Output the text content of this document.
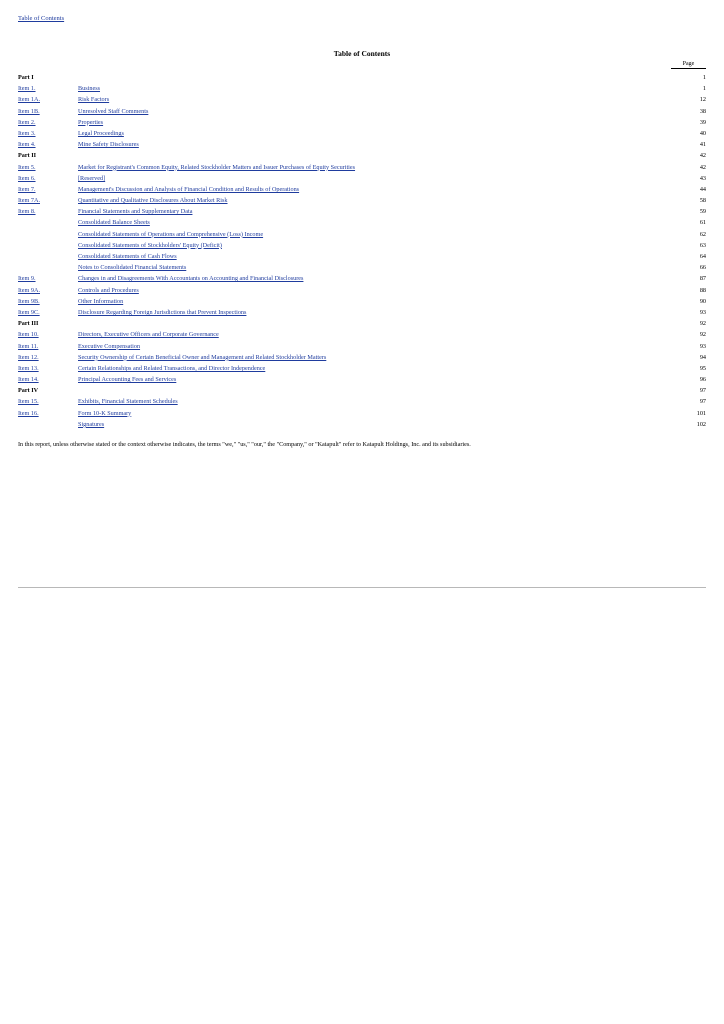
Table of Contents
Table of Contents
Page
Part I	1
Item 1.	Business	1
Item 1A.	Risk Factors	12
Item 1B.	Unresolved Staff Comments	38
Item 2.	Properties	39
Item 3.	Legal Proceedings	40
Item 4.	Mine Safety Disclosures	41
Part II	42
Item 5.	Market for Registrant's Common Equity, Related Stockholder Matters and Issuer Purchases of Equity Securities	42
Item 6.	[Reserved]	43
Item 7.	Management's Discussion and Analysis of Financial Condition and Results of Operations	44
Item 7A.	Quantitative and Qualitative Disclosures About Market Risk	58
Item 8.	Financial Statements and Supplementary Data	59
Consolidated Balance Sheets	61
Consolidated Statements of Operations and Comprehensive (Loss) Income	62
Consolidated Statements of Stockholders' Equity (Deficit)	63
Consolidated Statements of Cash Flows	64
Notes to Consolidated Financial Statements	66
Item 9.	Changes in and Disagreements With Accountants on Accounting and Financial Disclosures	87
Item 9A.	Controls and Procedures	88
Item 9B.	Other Information	90
Item 9C.	Disclosure Regarding Foreign Jurisdictions that Prevent Inspections	93
Part III	92
Item 10.	Directors, Executive Officers and Corporate Governance	92
Item 11.	Executive Compensation	93
Item 12.	Security Ownership of Certain Beneficial Owner and Management and Related Stockholder Matters	94
Item 13.	Certain Relationships and Related Transactions, and Director Independence	95
Item 14.	Principal Accounting Fees and Services	96
Part IV	97
Item 15.	Exhibits, Financial Statement Schedules	97
Item 16.	Form 10-K Summary	101
Signatures	102
In this report, unless otherwise stated or the context otherwise indicates, the terms "we," "us," "our," the "Company," or "Katapult" refer to Katapult Holdings, Inc. and its subsidiaries.
